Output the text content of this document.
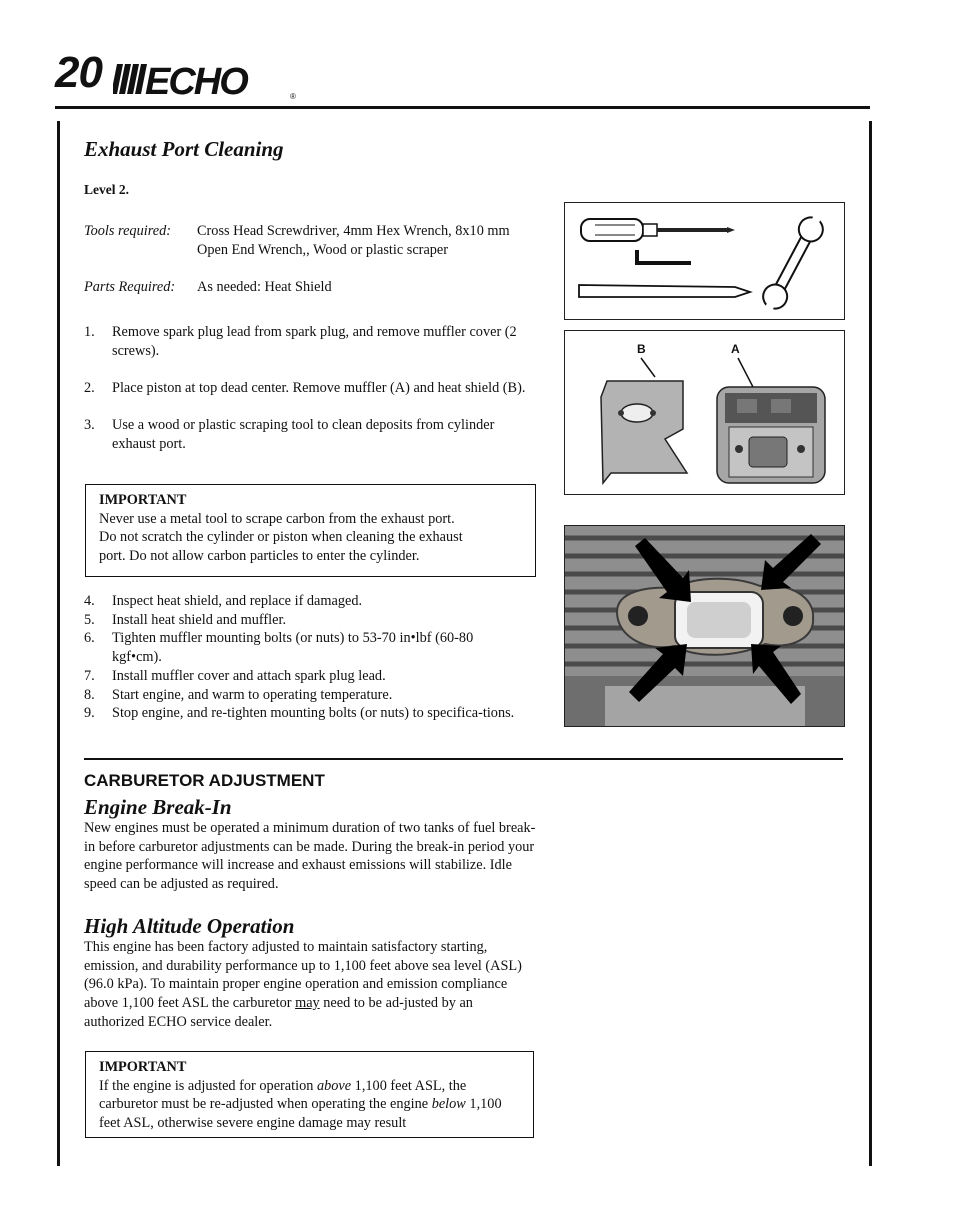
20 ECHO	®
Exhaust Port Cleaning
Level 2.
Tools required: Cross Head Screwdriver, 4mm Hex Wrench, 8x10 mm Open End Wrench,, Wood or plastic scraper
Parts Required: As needed: Heat Shield
1. Remove spark plug lead from spark plug, and remove muffler cover (2 screws).
2. Place piston at top dead center. Remove muffler (A) and heat shield (B).
3. Use a wood or plastic scraping tool to clean deposits from cylinder exhaust port.
IMPORTANT
Never use a metal tool to scrape carbon from the exhaust port.
Do not scratch the cylinder or piston when cleaning the exhaust
port. Do not allow carbon particles to enter the cylinder.
4. Inspect heat shield, and replace if damaged.
5. Install heat shield and muffler.
6. Tighten muffler mounting bolts (or nuts) to 53-70 in•lbf (60-80 kgf•cm).
7. Install muffler cover and attach spark plug lead.
8. Start engine, and warm to operating temperature.
9. Stop engine, and re-tighten mounting bolts (or nuts) to specifica-tions.
B	A
CARBURETOR ADJUSTMENT
Engine Break-In
New engines must be operated a minimum duration of two tanks of fuel break-in before carburetor adjustments can be made. During the break-in period your engine performance will increase and exhaust emissions will stabilize. Idle speed can be adjusted as required.
High Altitude Operation
This engine has been factory adjusted to maintain satisfactory starting, emission, and durability performance up to 1,100 feet above sea level (ASL) (96.0 kPa). To maintain proper engine operation and emission compliance above 1,100 feet ASL the carburetor may need to be ad-justed by an authorized ECHO service dealer.
IMPORTANT
If the engine is adjusted for operation above 1,100 feet ASL, the carburetor must be re-adjusted when operating the engine below 1,100 feet ASL, otherwise severe engine damage may result
